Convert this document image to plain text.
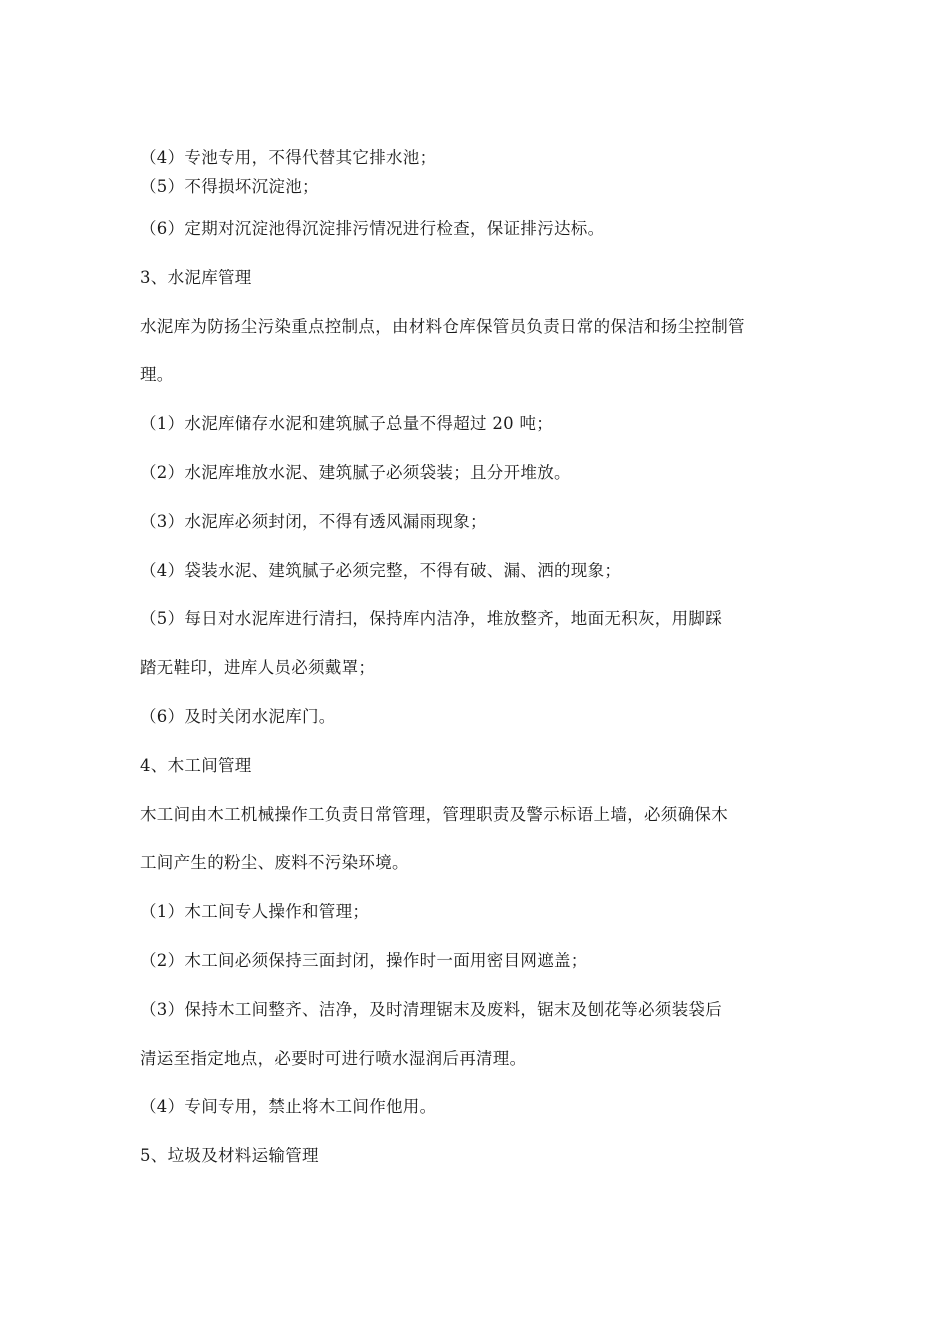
（4）专池专用，不得代替其它排水池；
（5）不得损坏沉淀池；
（6）定期对沉淀池得沉淀排污情况进行检查，保证排污达标。
3、水泥库管理
水泥库为防扬尘污染重点控制点，由材料仓库保管员负责日常的保洁和扬尘控制管
理。
（1）水泥库储存水泥和建筑腻子总量不得超过 20 吨；
（2）水泥库堆放水泥、建筑腻子必须袋装；且分开堆放。
（3）水泥库必须封闭，不得有透风漏雨现象；
（4）袋装水泥、建筑腻子必须完整，不得有破、漏、洒的现象；
（5）每日对水泥库进行清扫，保持库内洁净，堆放整齐，地面无积灰，用脚踩
踏无鞋印，进库人员必须戴罩；
（6）及时关闭水泥库门。
4、木工间管理
木工间由木工机械操作工负责日常管理，管理职责及警示标语上墙，必须确保木
工间产生的粉尘、废料不污染环境。
（1）木工间专人操作和管理；
（2）木工间必须保持三面封闭，操作时一面用密目网遮盖；
（3）保持木工间整齐、洁净，及时清理锯末及废料，锯末及刨花等必须装袋后
清运至指定地点，必要时可进行喷水湿润后再清理。
（4）专间专用，禁止将木工间作他用。
5、垃圾及材料运输管理
